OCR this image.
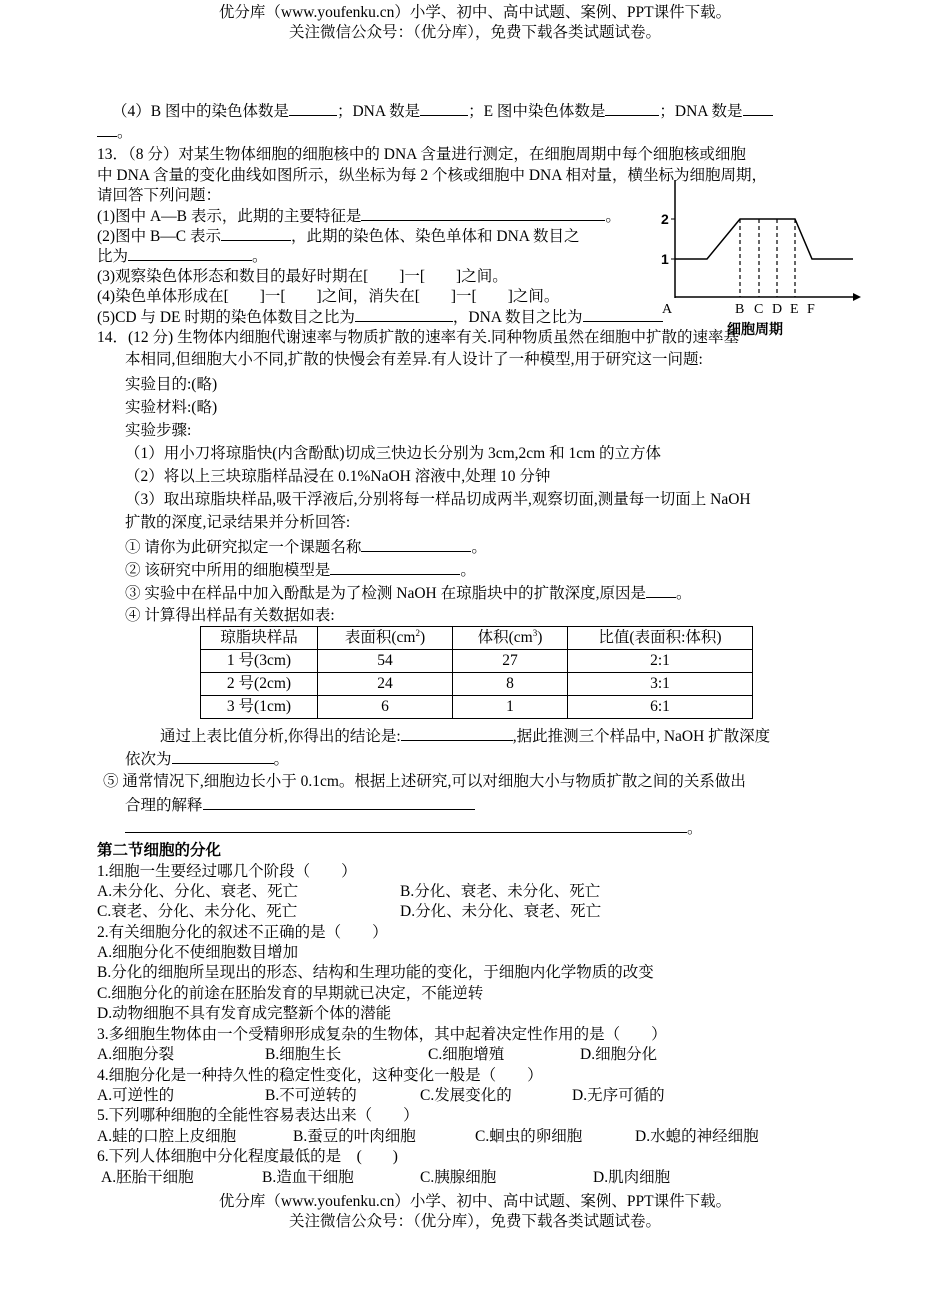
优分库（www.youfenku.cn）小学、初中、高中试题、案例、PPT课件下载。
关注微信公众号：（优分库），免费下载各类试题试卷。
（4）B 图中的染色体数是	；DNA 数是	；E 图中染色体数是	；DNA 数是
。
13．（8 分）对某生物体细胞的细胞核中的 DNA 含量进行测定，在细胞周期中每个细胞核或细胞
中 DNA 含量的变化曲线如图所示，纵坐标为每 2 个核或细胞中 DNA 相对量，横坐标为细胞周期，
请回答下列问题：
(1)图中 A—B 表示，此期的主要特征是	。
(2)图中 B—C 表示	，此期的染色体、染色单体和 DNA 数目之
比为	。
(3)观察染色体形态和数目的最好时期在[　　]一[　　]之间。
(4)染色单体形成在[　　]一[　　]之间，消失在[　　]一[　　]之间。
(5)CD 与 DE 时期的染色体数目之比为	，DNA 数目之比为
1
2
A	B C D E F
细胞周期
14．(12 分) 生物体内细胞代谢速率与物质扩散的速率有关.同种物质虽然在细胞中扩散的速率基
本相同,但细胞大小不同,扩散的快慢会有差异.有人设计了一种模型,用于研究这一问题:
实验目的:(略)
实验材料:(略)
实验步骤:
（1）用小刀将琼脂快(内含酚酞)切成三快边长分别为 3cm,2cm 和 1cm 的立方体
（2）将以上三块琼脂样品浸在 0.1%NaOH 溶液中,处理 10 分钟
（3）取出琼脂块样品,吸干浮液后,分别将每一样品切成两半,观察切面,测量每一切面上 NaOH
扩散的深度,记录结果并分析回答:
① 请你为此研究拟定一个课题名称	。
② 该研究中所用的细胞模型是	。
③ 实验中在样品中加入酚酞是为了检测 NaOH 在琼脂块中的扩散深度,原因是 。
④ 计算得出样品有关数据如表:
琼脂块样品	表面积$(cm^2)$	体积$(cm^3)$	比值(表面积:体积)
1 号(3cm)	54	27	2:1
2 号(2cm)	24	8	3:1
3 号(1cm)	6	1	6:1
通过上表比值分析,你得出的结论是:	,据此推测三个样品中, NaOH 扩散深度
依次为	。
⑤ 通常情况下,细胞边长小于 0.1cm。根据上述研究,可以对细胞大小与物质扩散之间的关系做出
合理的解释
。
第二节细胞的分化
1.细胞一生要经过哪几个阶段（　　）
A.未分化、分化、衰老、死亡	B.分化、衰老、未分化、死亡
C.衰老、分化、未分化、死亡	D.分化、未分化、衰老、死亡
2.有关细胞分化的叙述不正确的是（　　）
A.细胞分化不使细胞数目增加
B.分化的细胞所呈现出的形态、结构和生理功能的变化，于细胞内化学物质的改变
C.细胞分化的前途在胚胎发育的早期就已决定，不能逆转
D.动物细胞不具有发育成完整新个体的潜能
3.多细胞生物体由一个受精卵形成复杂的生物体，其中起着决定性作用的是（　　）
A.细胞分裂	B.细胞生长	C.细胞增殖	D.细胞分化
4.细胞分化是一种持久性的稳定性变化，这种变化一般是（　　）
A.可逆性的	B.不可逆转的	C.发展变化的	D.无序可循的
5.下列哪种细胞的全能性容易表达出来（　　）
A.蛙的口腔上皮细胞	B.蚕豆的叶肉细胞	C.蛔虫的卵细胞	D.水螅的神经细胞
6.下列人体细胞中分化程度最低的是　(　　)
A.胚胎干细胞	B.造血干细胞	C.胰腺细胞	D.肌肉细胞
优分库（www.youfenku.cn）小学、初中、高中试题、案例、PPT课件下载。
关注微信公众号：（优分库），免费下载各类试题试卷。
